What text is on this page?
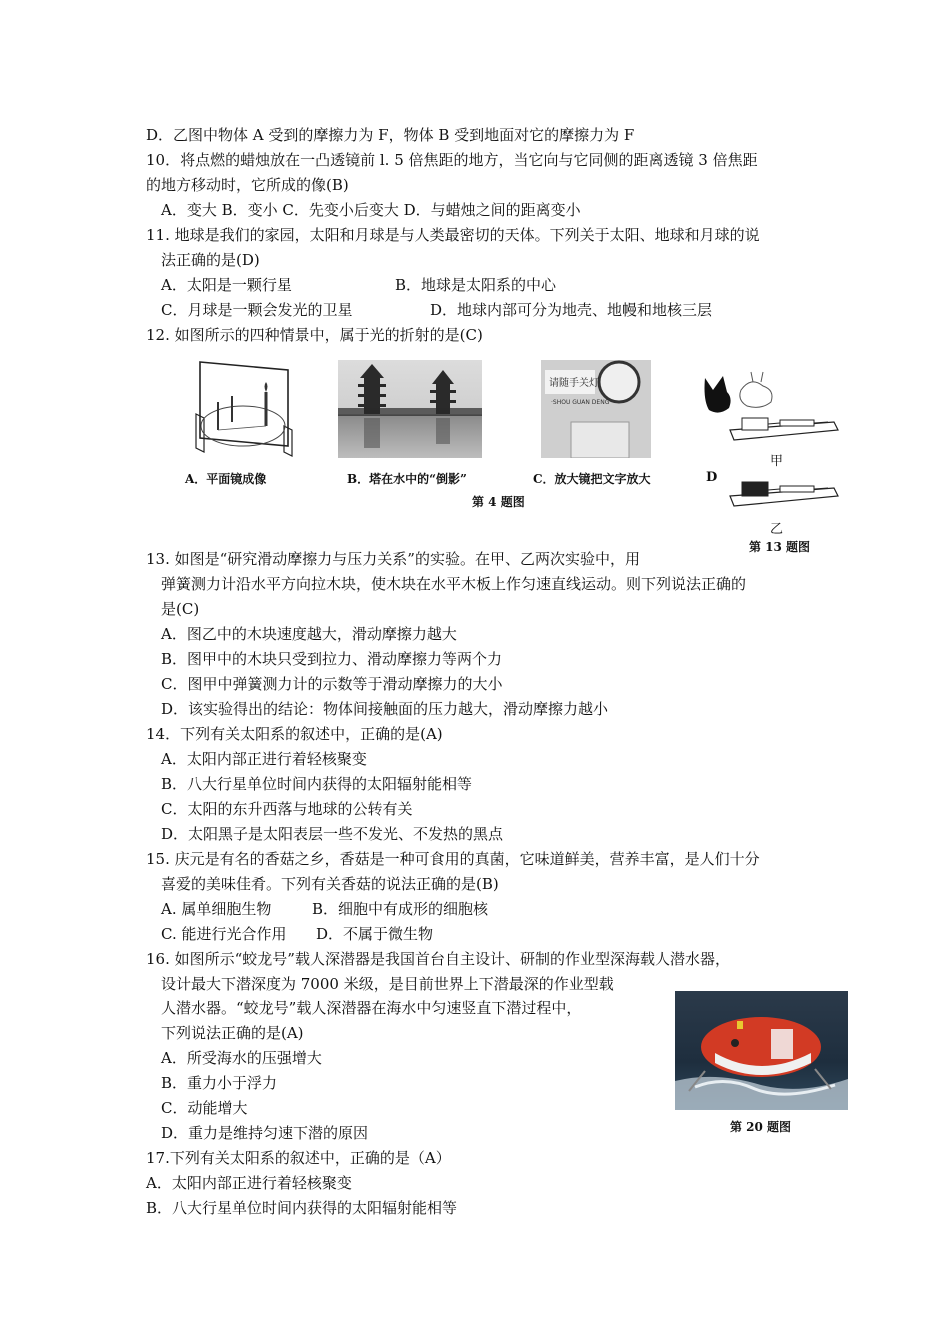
D．乙图中物体 A 受到的摩擦力为 F，物体 B 受到地面对它的摩擦力为 F
10．将点燃的蜡烛放在一凸透镜前 l. 5 倍焦距的地方，当它向与它同侧的距离透镜 3 倍焦距
的地方移动时，它所成的像(B)
A．变大 B．变小 C．先变小后变大 D．与蜡烛之间的距离变小
11. 地球是我们的家园，太阳和月球是与人类最密切的天体。下列关于太阳、地球和月球的说
法正确的是(D)
A．太阳是一颗行星	B．地球是太阳系的中心
C．月球是一颗会发光的卫星	D．地球内部可分为地壳、地幔和地核三层
12. 如图所示的四种情景中，属于光的折射的是(C)
请随手关灯
·SHOU GUAN DENG
甲
乙
第 13 题图
A．平面镜成像	B．塔在水中的“倒影”	C．放大镜把文字放大	D
第 4 题图
13. 如图是“研究滑动摩擦力与压力关系”的实验。在甲、乙两次实验中，用
弹簧测力计沿水平方向拉木块，使木块在水平木板上作匀速直线运动。则下列说法正确的
是(C)
A．图乙中的木块速度越大，滑动摩擦力越大
B．图甲中的木块只受到拉力、滑动摩擦力等两个力
C．图甲中弹簧测力计的示数等于滑动摩擦力的大小
D．该实验得出的结论：物体间接触面的压力越大，滑动摩擦力越小
14．下列有关太阳系的叙述中，正确的是(A)
A．太阳内部正进行着轻核聚变
B．八大行星单位时间内获得的太阳辐射能相等
C．太阳的东升西落与地球的公转有关
D．太阳黑子是太阳表层一些不发光、不发热的黑点
15. 庆元是有名的香菇之乡，香菇是一种可食用的真菌，它味道鲜美，营养丰富，是人们十分
喜爱的美味佳肴。下列有关香菇的说法正确的是(B)
A. 属单细胞生物	B．细胞中有成形的细胞核
C. 能进行光合作用 D．不属于微生物
16. 如图所示“蛟龙号”载人深潜器是我国首台自主设计、研制的作业型深海载人潜水器，
设计最大下潜深度为 7000 米级，是目前世界上下潜最深的作业型载
人潜水器。“蛟龙号”载人深潜器在海水中匀速竖直下潜过程中，
下列说法正确的是(A)
A．所受海水的压强增大
B．重力小于浮力
C．动能增大
D．重力是维持匀速下潜的原因	第 20 题图
17.下列有关太阳系的叙述中，正确的是（A）
A．太阳内部正进行着轻核聚变
B．八大行星单位时间内获得的太阳辐射能相等
